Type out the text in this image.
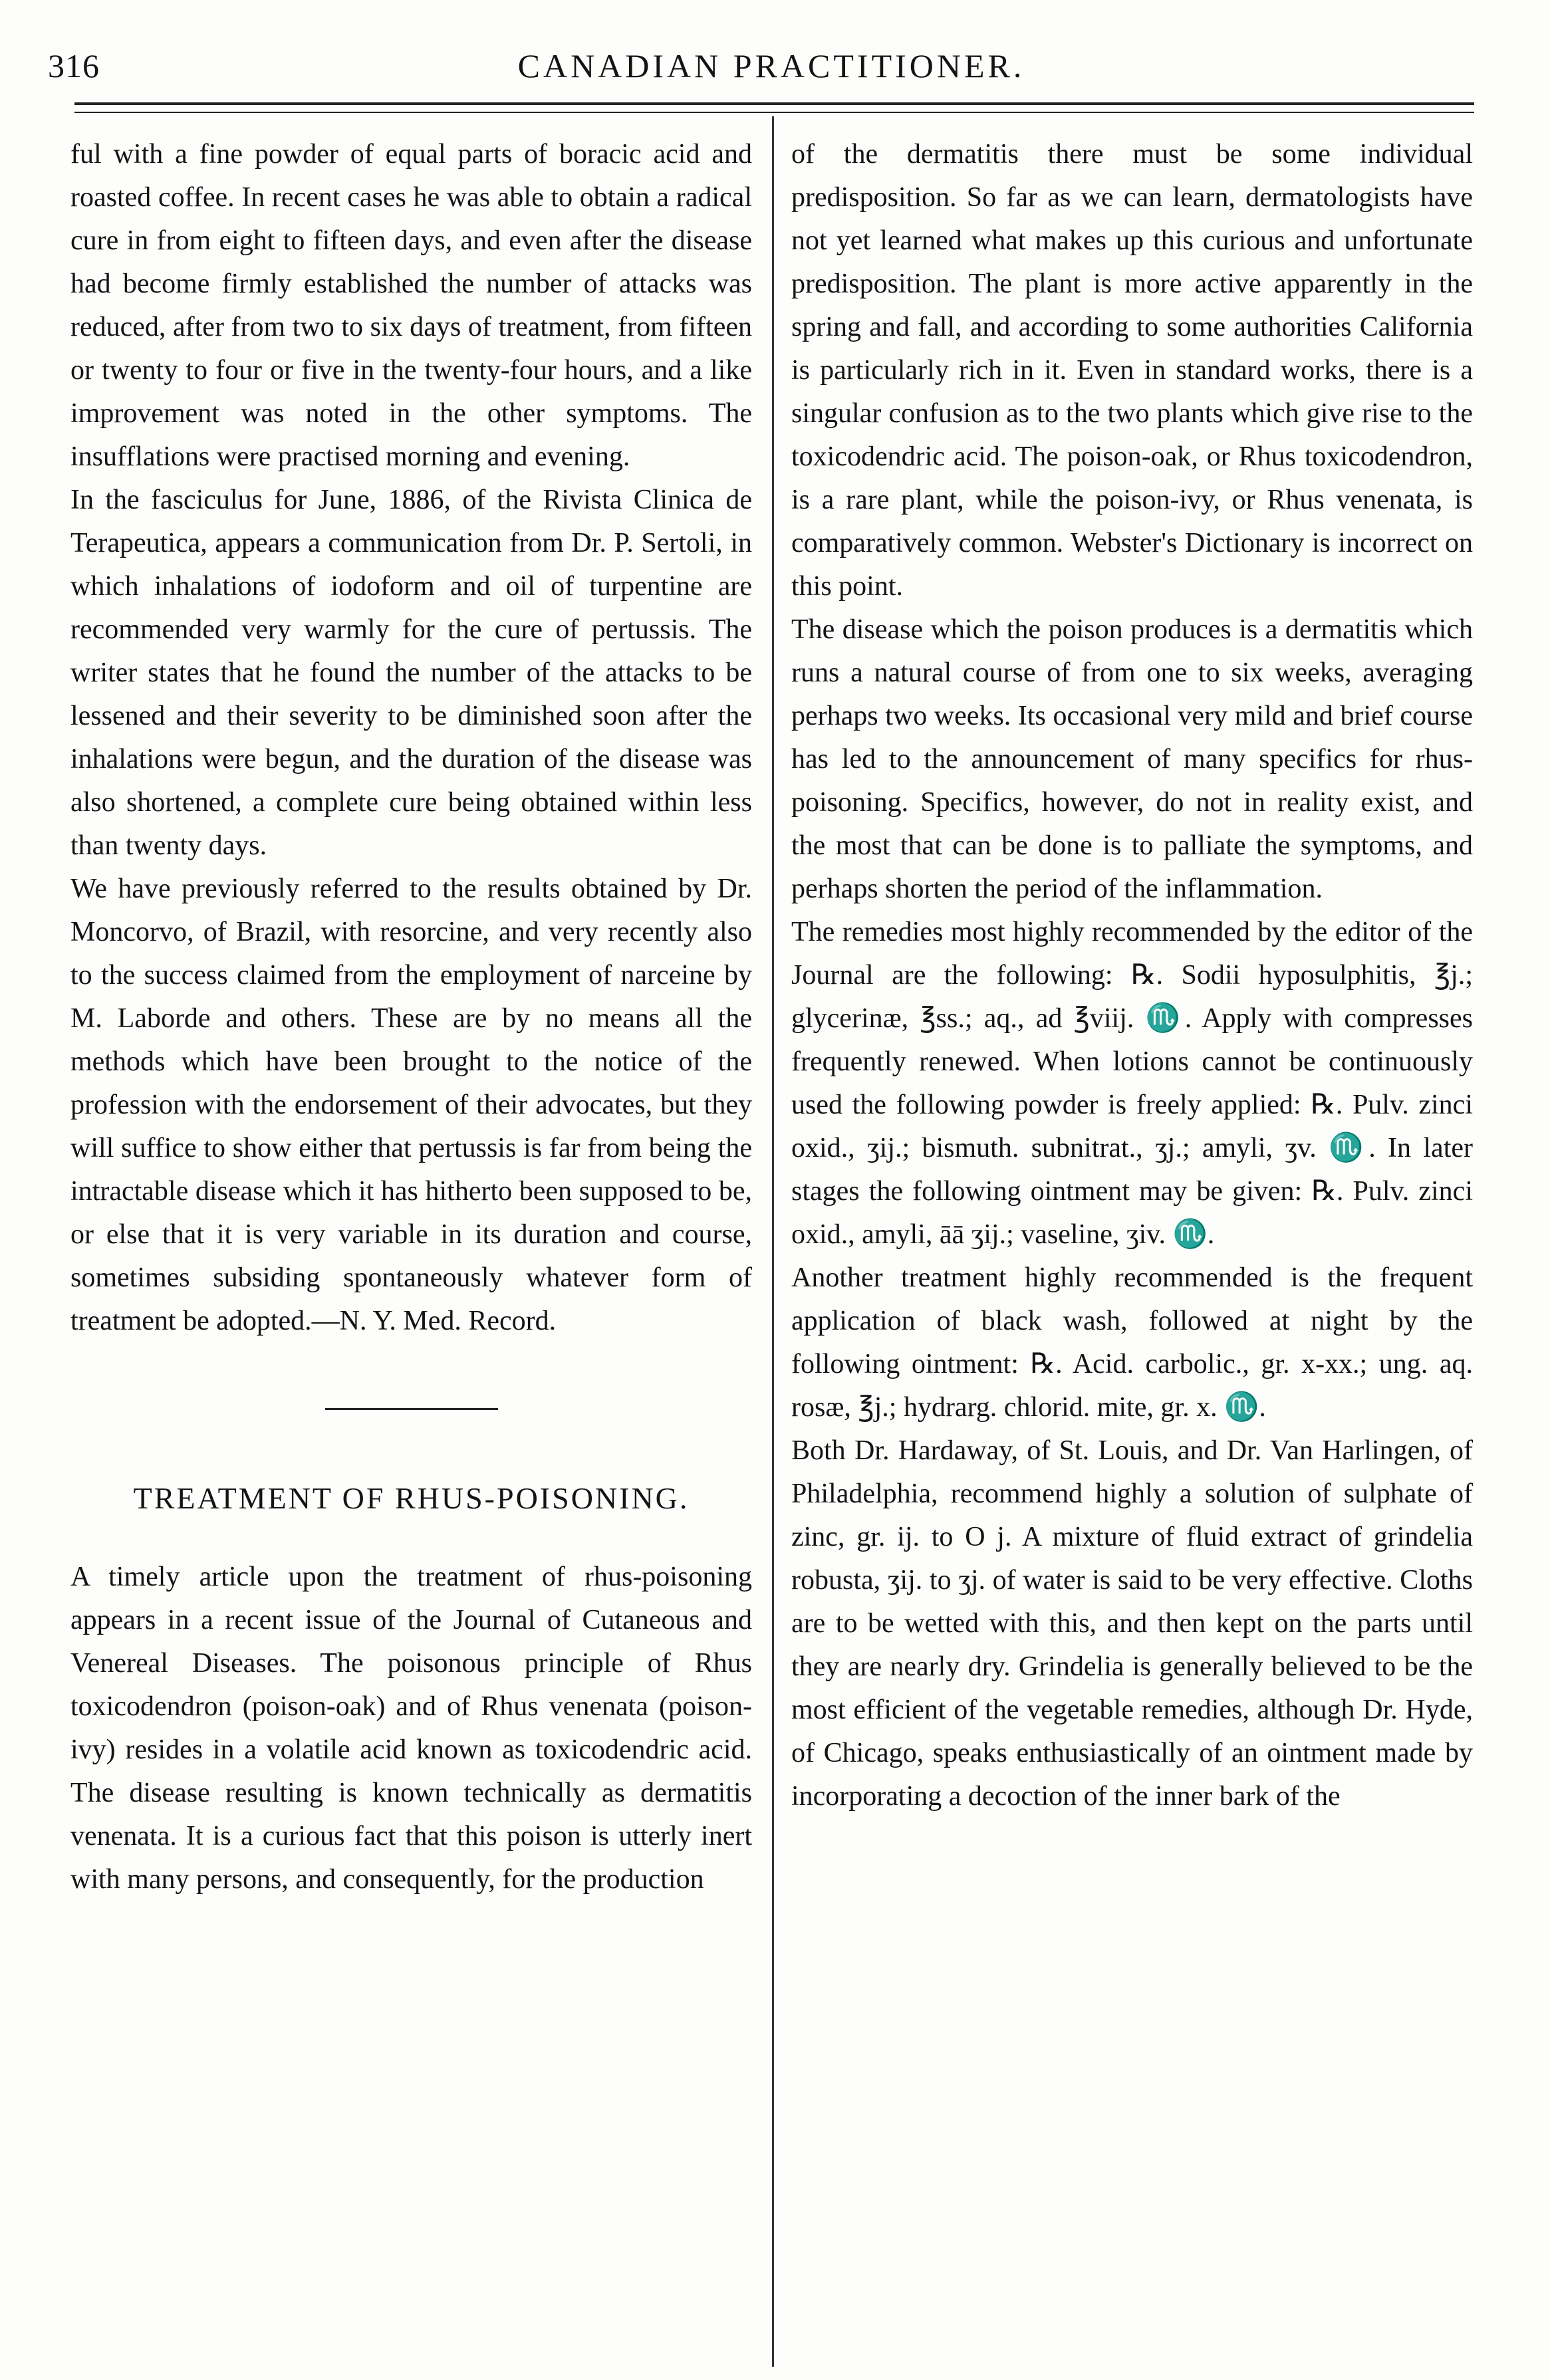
316	CANADIAN PRACTITIONER.

ful with a fine powder of equal parts of boracic acid and roasted coffee. In recent cases he was able to obtain a radical cure in from eight to fifteen days, and even after the disease had become firmly established the number of attacks was reduced, after from two to six days of treatment, from fifteen or twenty to four or five in the twenty-four hours, and a like improvement was noted in the other symptoms. The insufflations were practised morning and evening.

In the fasciculus for June, 1886, of the Rivista Clinica de Terapeutica, appears a communication from Dr. P. Sertoli, in which inhalations of iodoform and oil of turpentine are recommended very warmly for the cure of pertussis. The writer states that he found the number of the attacks to be lessened and their severity to be diminished soon after the inhalations were begun, and the duration of the disease was also shortened, a complete cure being obtained within less than twenty days.

We have previously referred to the results obtained by Dr. Moncorvo, of Brazil, with resorcine, and very recently also to the success claimed from the employment of narceine by M. Laborde and others. These are by no means all the methods which have been brought to the notice of the profession with the endorsement of their advocates, but they will suffice to show either that pertussis is far from being the intractable disease which it has hitherto been supposed to be, or else that it is very variable in its duration and course, sometimes subsiding spontaneously whatever form of treatment be adopted.—N. Y. Med. Record.

TREATMENT OF RHUS-POISONING.

A timely article upon the treatment of rhus-poisoning appears in a recent issue of the Journal of Cutaneous and Venereal Diseases. The poisonous principle of Rhus toxicodendron (poison-oak) and of Rhus venenata (poison-ivy) resides in a volatile acid known as toxicodendric acid. The disease resulting is known technically as dermatitis venenata. It is a curious fact that this poison is utterly inert with many persons, and consequently, for the production

of the dermatitis there must be some individual predisposition. So far as we can learn, dermatologists have not yet learned what makes up this curious and unfortunate predisposition. The plant is more active apparently in the spring and fall, and according to some authorities California is particularly rich in it. Even in standard works, there is a singular confusion as to the two plants which give rise to the toxicodendric acid. The poison-oak, or Rhus toxicodendron, is a rare plant, while the poison-ivy, or Rhus venenata, is comparatively common. Webster's Dictionary is incorrect on this point.

The disease which the poison produces is a dermatitis which runs a natural course of from one to six weeks, averaging perhaps two weeks. Its occasional very mild and brief course has led to the announcement of many specifics for rhus-poisoning. Specifics, however, do not in reality exist, and the most that can be done is to palliate the symptoms, and perhaps shorten the period of the inflammation.

The remedies most highly recommended by the editor of the Journal are the following: ℞. Sodii hyposulphitis, ℥j.; glycerinæ, ℥ss.; aq., ad ℥viij. ♏. Apply with compresses frequently renewed. When lotions cannot be continuously used the following powder is freely applied: ℞. Pulv. zinci oxid., ʒij.; bismuth. subnitrat., ʒj.; amyli, ʒv. ♏. In later stages the following ointment may be given: ℞. Pulv. zinci oxid., amyli, āā ʒij.; vaseline, ʒiv. ♏.

Another treatment highly recommended is the frequent application of black wash, followed at night by the following ointment: ℞. Acid. carbolic., gr. x-xx.; ung. aq. rosæ, ℥j.; hydrarg. chlorid. mite, gr. x. ♏.

Both Dr. Hardaway, of St. Louis, and Dr. Van Harlingen, of Philadelphia, recommend highly a solution of sulphate of zinc, gr. ij. to O j. A mixture of fluid extract of grindelia robusta, ʒij. to ʒj. of water is said to be very effective. Cloths are to be wetted with this, and then kept on the parts until they are nearly dry. Grindelia is generally believed to be the most efficient of the vegetable remedies, although Dr. Hyde, of Chicago, speaks enthusiastically of an ointment made by incorporating a decoction of the inner bark of the
